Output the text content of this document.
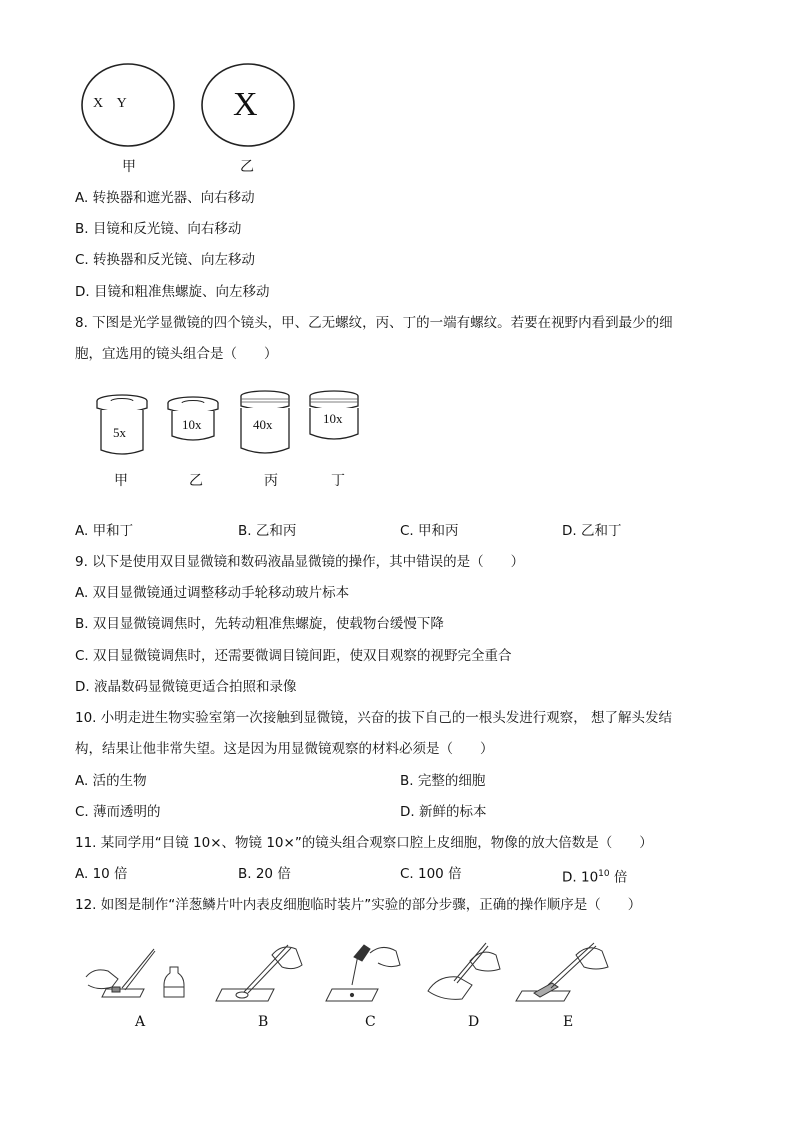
X    Y	X
甲	乙
A. 转换器和遮光器、向右移动
B. 目镜和反光镜、向右移动
C. 转换器和反光镜、向左移动
D. 目镜和粗准焦螺旋、向左移动
8. 下图是光学显微镜的四个镜头，甲、乙无螺纹，丙、丁的一端有螺纹。若要在视野内看到最少的细
胞，宜选用的镜头组合是（　　）
5x
10x	40x	10x
甲	乙	丙	丁
A. 甲和丁	B. 乙和丙	C. 甲和丙	D. 乙和丁
9. 以下是使用双目显微镜和数码液晶显微镜的操作，其中错误的是（　　）
A. 双目显微镜通过调整移动手轮移动玻片标本
B. 双目显微镜调焦时，先转动粗准焦螺旋，使载物台缓慢下降
C. 双目显微镜调焦时，还需要微调目镜间距，使双目观察的视野完全重合
D. 液晶数码显微镜更适合拍照和录像
10. 小明走进生物实验室第一次接触到显微镜，兴奋的拔下自己的一根头发进行观察， 想了解头发结
构，结果让他非常失望。这是因为用显微镜观察的材料必须是（　　）
A. 活的生物	B. 完整的细胞
C. 薄而透明的	D. 新鲜的标本
11. 某同学用“目镜 10×、物镜 10×”的镜头组合观察口腔上皮细胞，物像的放大倍数是（　　）
A. 10 倍	B. 20 倍	C. 100 倍	D. $10^{10}$ 倍
12. 如图是制作“洋葱鳞片叶内表皮细胞临时装片”实验的部分步骤，正确的操作顺序是（　　）
A	B	C	D	E
